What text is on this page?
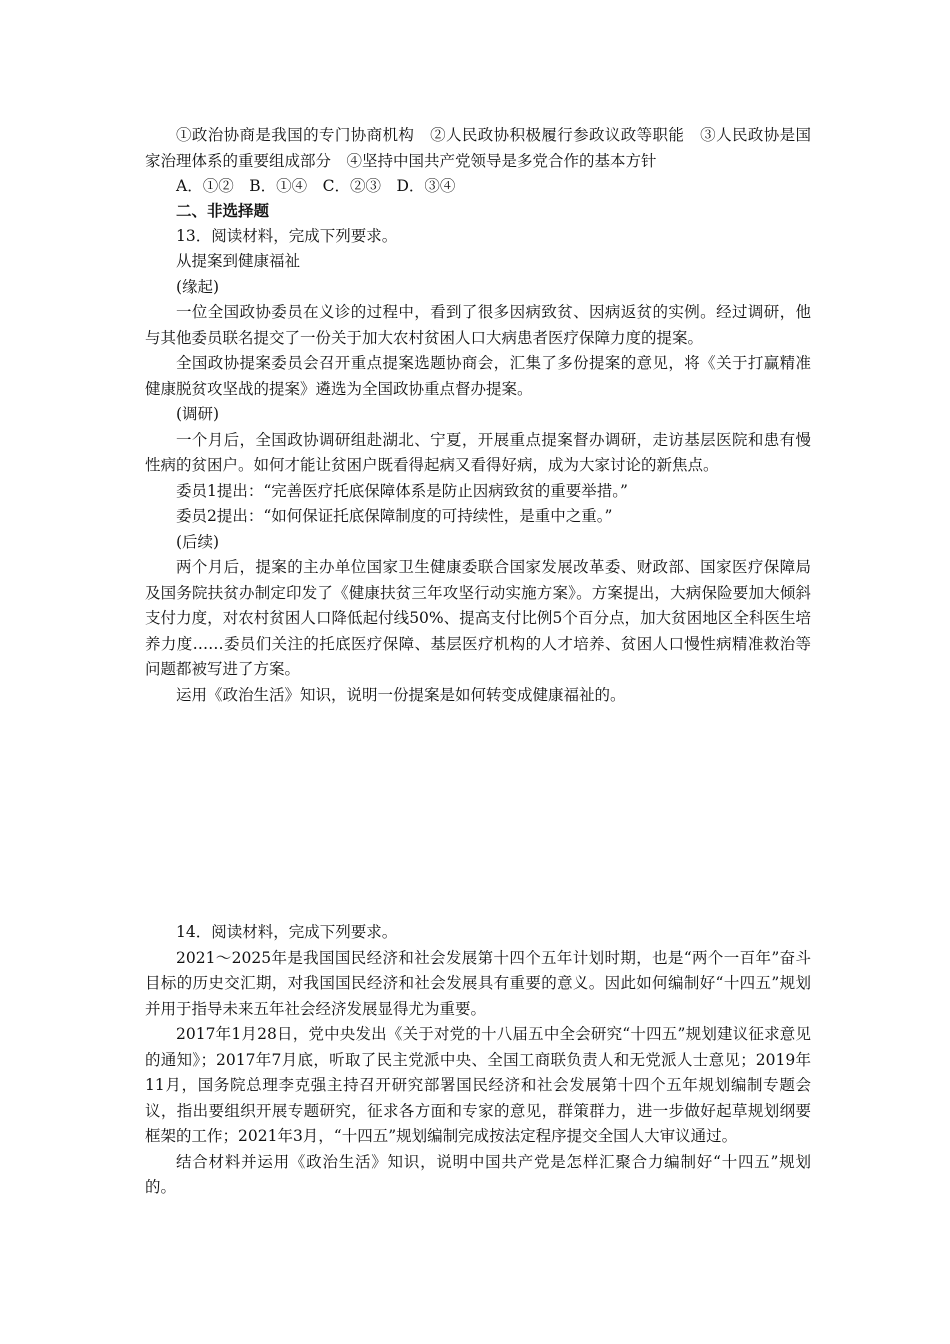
①政治协商是我国的专门协商机构　②人民政协积极履行参政议政等职能　③人民政协是国家治理体系的重要组成部分　④坚持中国共产党领导是多党合作的基本方针

A．①②　B．①④　C．②③　D．③④

二、非选择题

13．阅读材料，完成下列要求。

从提案到健康福祉

(缘起)

一位全国政协委员在义诊的过程中，看到了很多因病致贫、因病返贫的实例。经过调研，他与其他委员联名提交了一份关于加大农村贫困人口大病患者医疗保障力度的提案。

全国政协提案委员会召开重点提案选题协商会，汇集了多份提案的意见，将《关于打赢精准健康脱贫攻坚战的提案》遴选为全国政协重点督办提案。

(调研)

一个月后，全国政协调研组赴湖北、宁夏，开展重点提案督办调研，走访基层医院和患有慢性病的贫困户。如何才能让贫困户既看得起病又看得好病，成为大家讨论的新焦点。

委员1提出：“完善医疗托底保障体系是防止因病致贫的重要举措。”

委员2提出：“如何保证托底保障制度的可持续性，是重中之重。”

(后续)

两个月后，提案的主办单位国家卫生健康委联合国家发展改革委、财政部、国家医疗保障局及国务院扶贫办制定印发了《健康扶贫三年攻坚行动实施方案》。方案提出，大病保险要加大倾斜支付力度，对农村贫困人口降低起付线50%、提高支付比例5个百分点，加大贫困地区全科医生培养力度……委员们关注的托底医疗保障、基层医疗机构的人才培养、贫困人口慢性病精准救治等问题都被写进了方案。

运用《政治生活》知识，说明一份提案是如何转变成健康福祉的。

14．阅读材料，完成下列要求。

2021～2025年是我国国民经济和社会发展第十四个五年计划时期，也是“两个一百年”奋斗目标的历史交汇期，对我国国民经济和社会发展具有重要的意义。因此如何编制好“十四五”规划并用于指导未来五年社会经济发展显得尤为重要。

2017年1月28日，党中央发出《关于对党的十八届五中全会研究“十四五”规划建议征求意见的通知》；2017年7月底，听取了民主党派中央、全国工商联负责人和无党派人士意见；2019年11月，国务院总理李克强主持召开研究部署国民经济和社会发展第十四个五年规划编制专题会议，指出要组织开展专题研究，征求各方面和专家的意见，群策群力，进一步做好起草规划纲要框架的工作；2021年3月，“十四五”规划编制完成按法定程序提交全国人大审议通过。

结合材料并运用《政治生活》知识，说明中国共产党是怎样汇聚合力编制好“十四五”规划的。
